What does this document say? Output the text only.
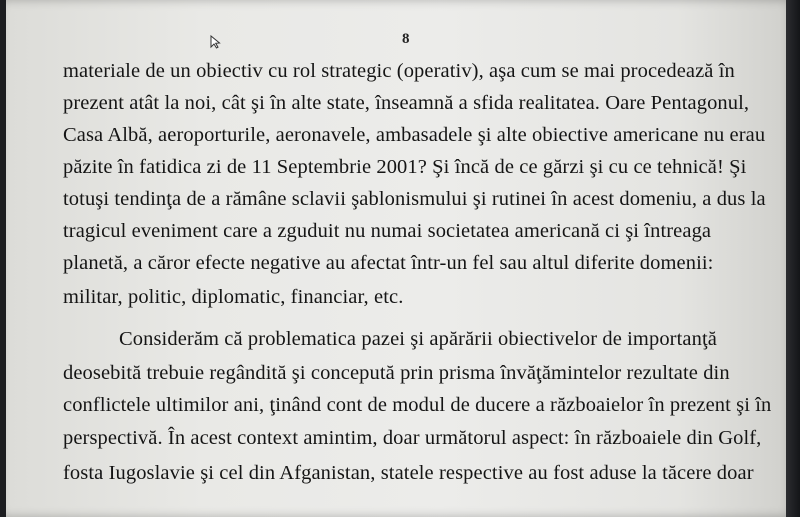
8
materiale de un obiectiv cu rol strategic (operativ), aşa cum se mai procedează în
prezent atât la noi, cât şi în alte state, înseamnă a sfida realitatea. Oare Pentagonul,
Casa Albă, aeroporturile, aeronavele, ambasadele şi alte obiective americane nu erau
păzite în fatidica zi de 11 Septembrie 2001? Şi încă de ce gărzi şi cu ce tehnică! Şi
totuşi tendinţa de a rămâne sclavii şablonismului şi rutinei în acest domeniu, a dus la
tragicul eveniment care a zguduit nu numai societatea americană ci şi întreaga
planetă, a căror efecte negative au afectat într-un fel sau altul diferite domenii:
militar, politic, diplomatic, financiar, etc.
Considerăm că problematica pazei şi apărării obiectivelor de importanţă
deosebită trebuie regândită şi concepută prin prisma învăţămintelor rezultate din
conflictele ultimilor ani, ţinând cont de modul de ducere a războaielor în prezent şi în
perspectivă. În acest context amintim, doar următorul aspect: în războaiele din Golf,
fosta Iugoslavie şi cel din Afganistan, statele respective au fost aduse la tăcere doar
